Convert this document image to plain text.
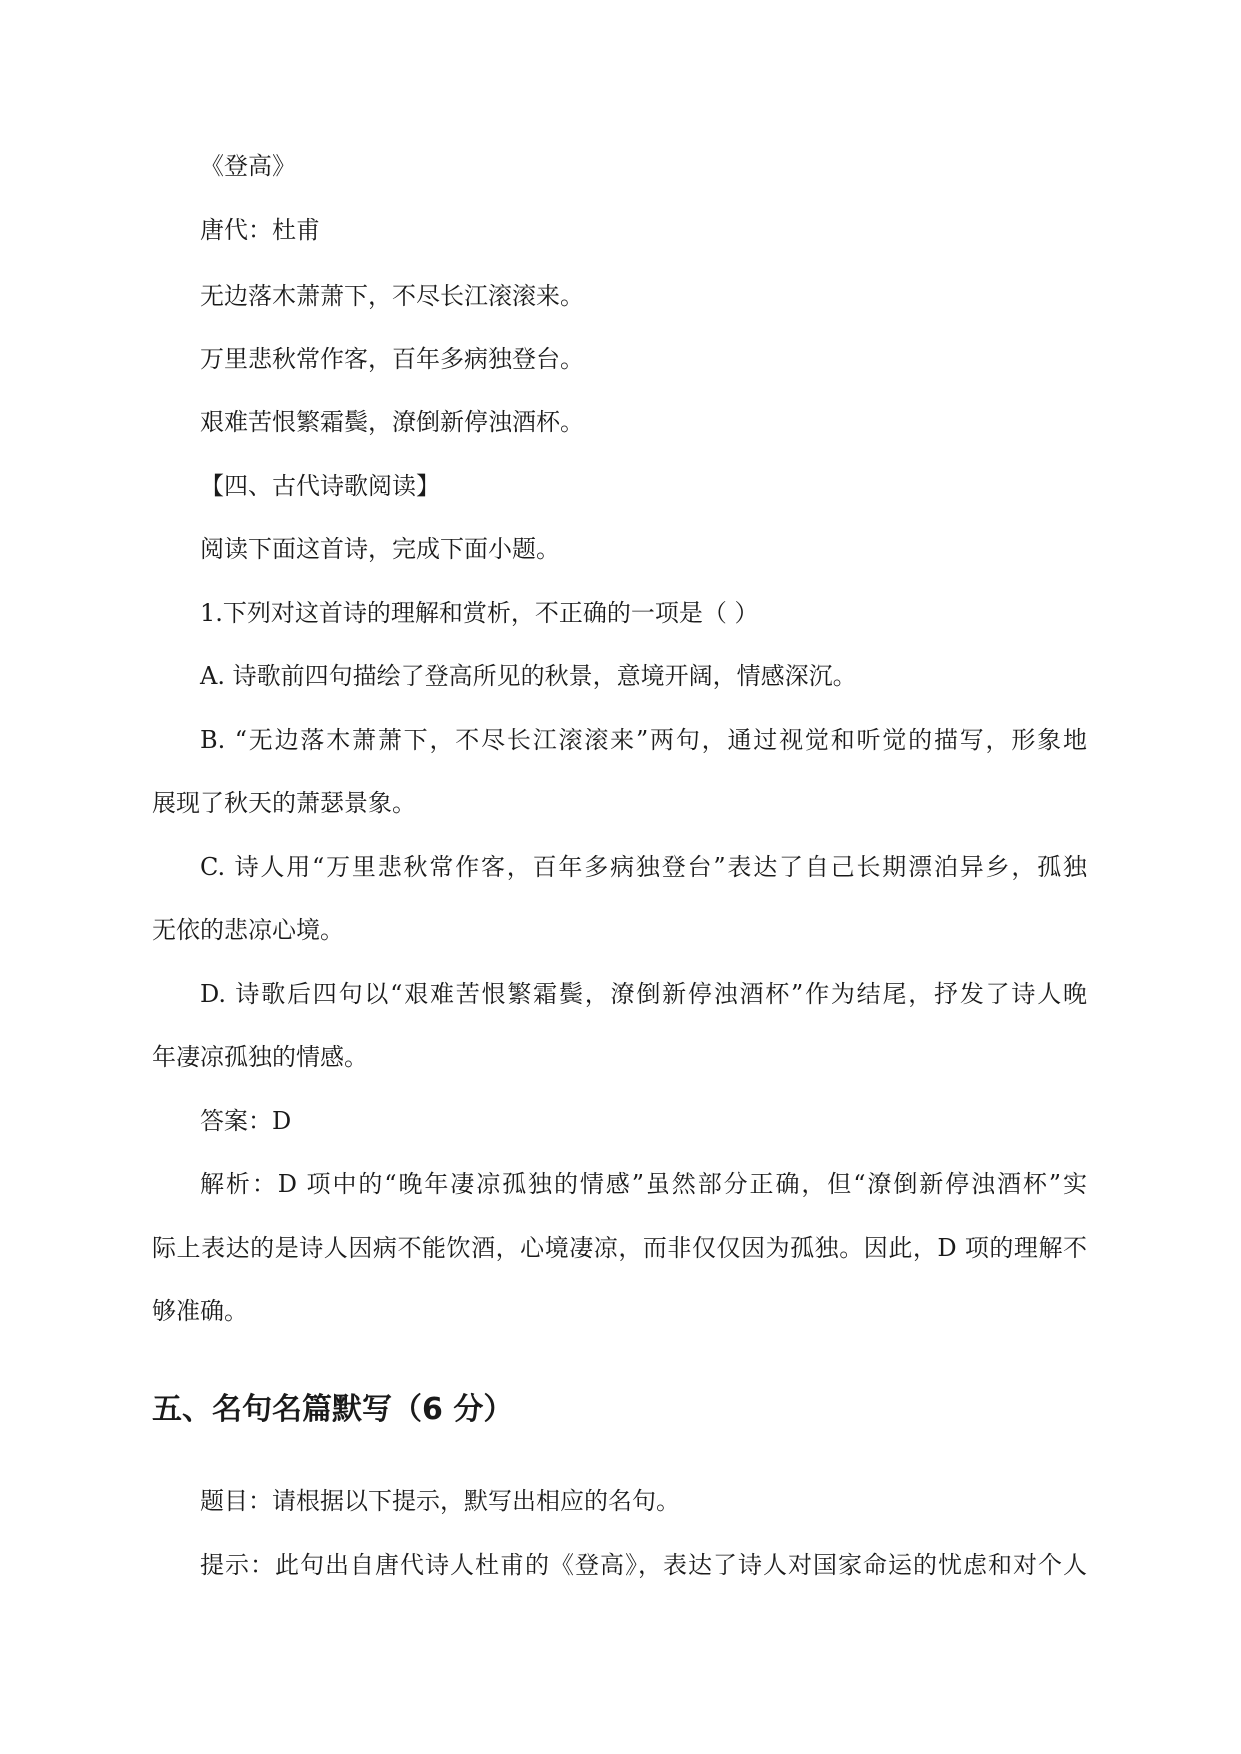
《登高》
唐代：杜甫
无边落木萧萧下，不尽长江滚滚来。
万里悲秋常作客，百年多病独登台。
艰难苦恨繁霜鬓，潦倒新停浊酒杯。
【四、古代诗歌阅读】
阅读下面这首诗，完成下面小题。
1.下列对这首诗的理解和赏析，不正确的一项是（ ）
A. 诗歌前四句描绘了登高所见的秋景，意境开阔，情感深沉。
B. “无边落木萧萧下，不尽长江滚滚来”两句，通过视觉和听觉的描写，形象地
展现了秋天的萧瑟景象。
C. 诗人用“万里悲秋常作客，百年多病独登台”表达了自己长期漂泊异乡，孤独
无依的悲凉心境。
D. 诗歌后四句以“艰难苦恨繁霜鬓，潦倒新停浊酒杯”作为结尾，抒发了诗人晚
年凄凉孤独的情感。
答案：D
解析：D 项中的“晚年凄凉孤独的情感”虽然部分正确，但“潦倒新停浊酒杯”实
际上表达的是诗人因病不能饮酒，心境凄凉，而非仅仅因为孤独。因此，D 项的理解不
够准确。
五、名句名篇默写（6 分）
题目：请根据以下提示，默写出相应的名句。
提示：此句出自唐代诗人杜甫的《登高》，表达了诗人对国家命运的忧虑和对个人
